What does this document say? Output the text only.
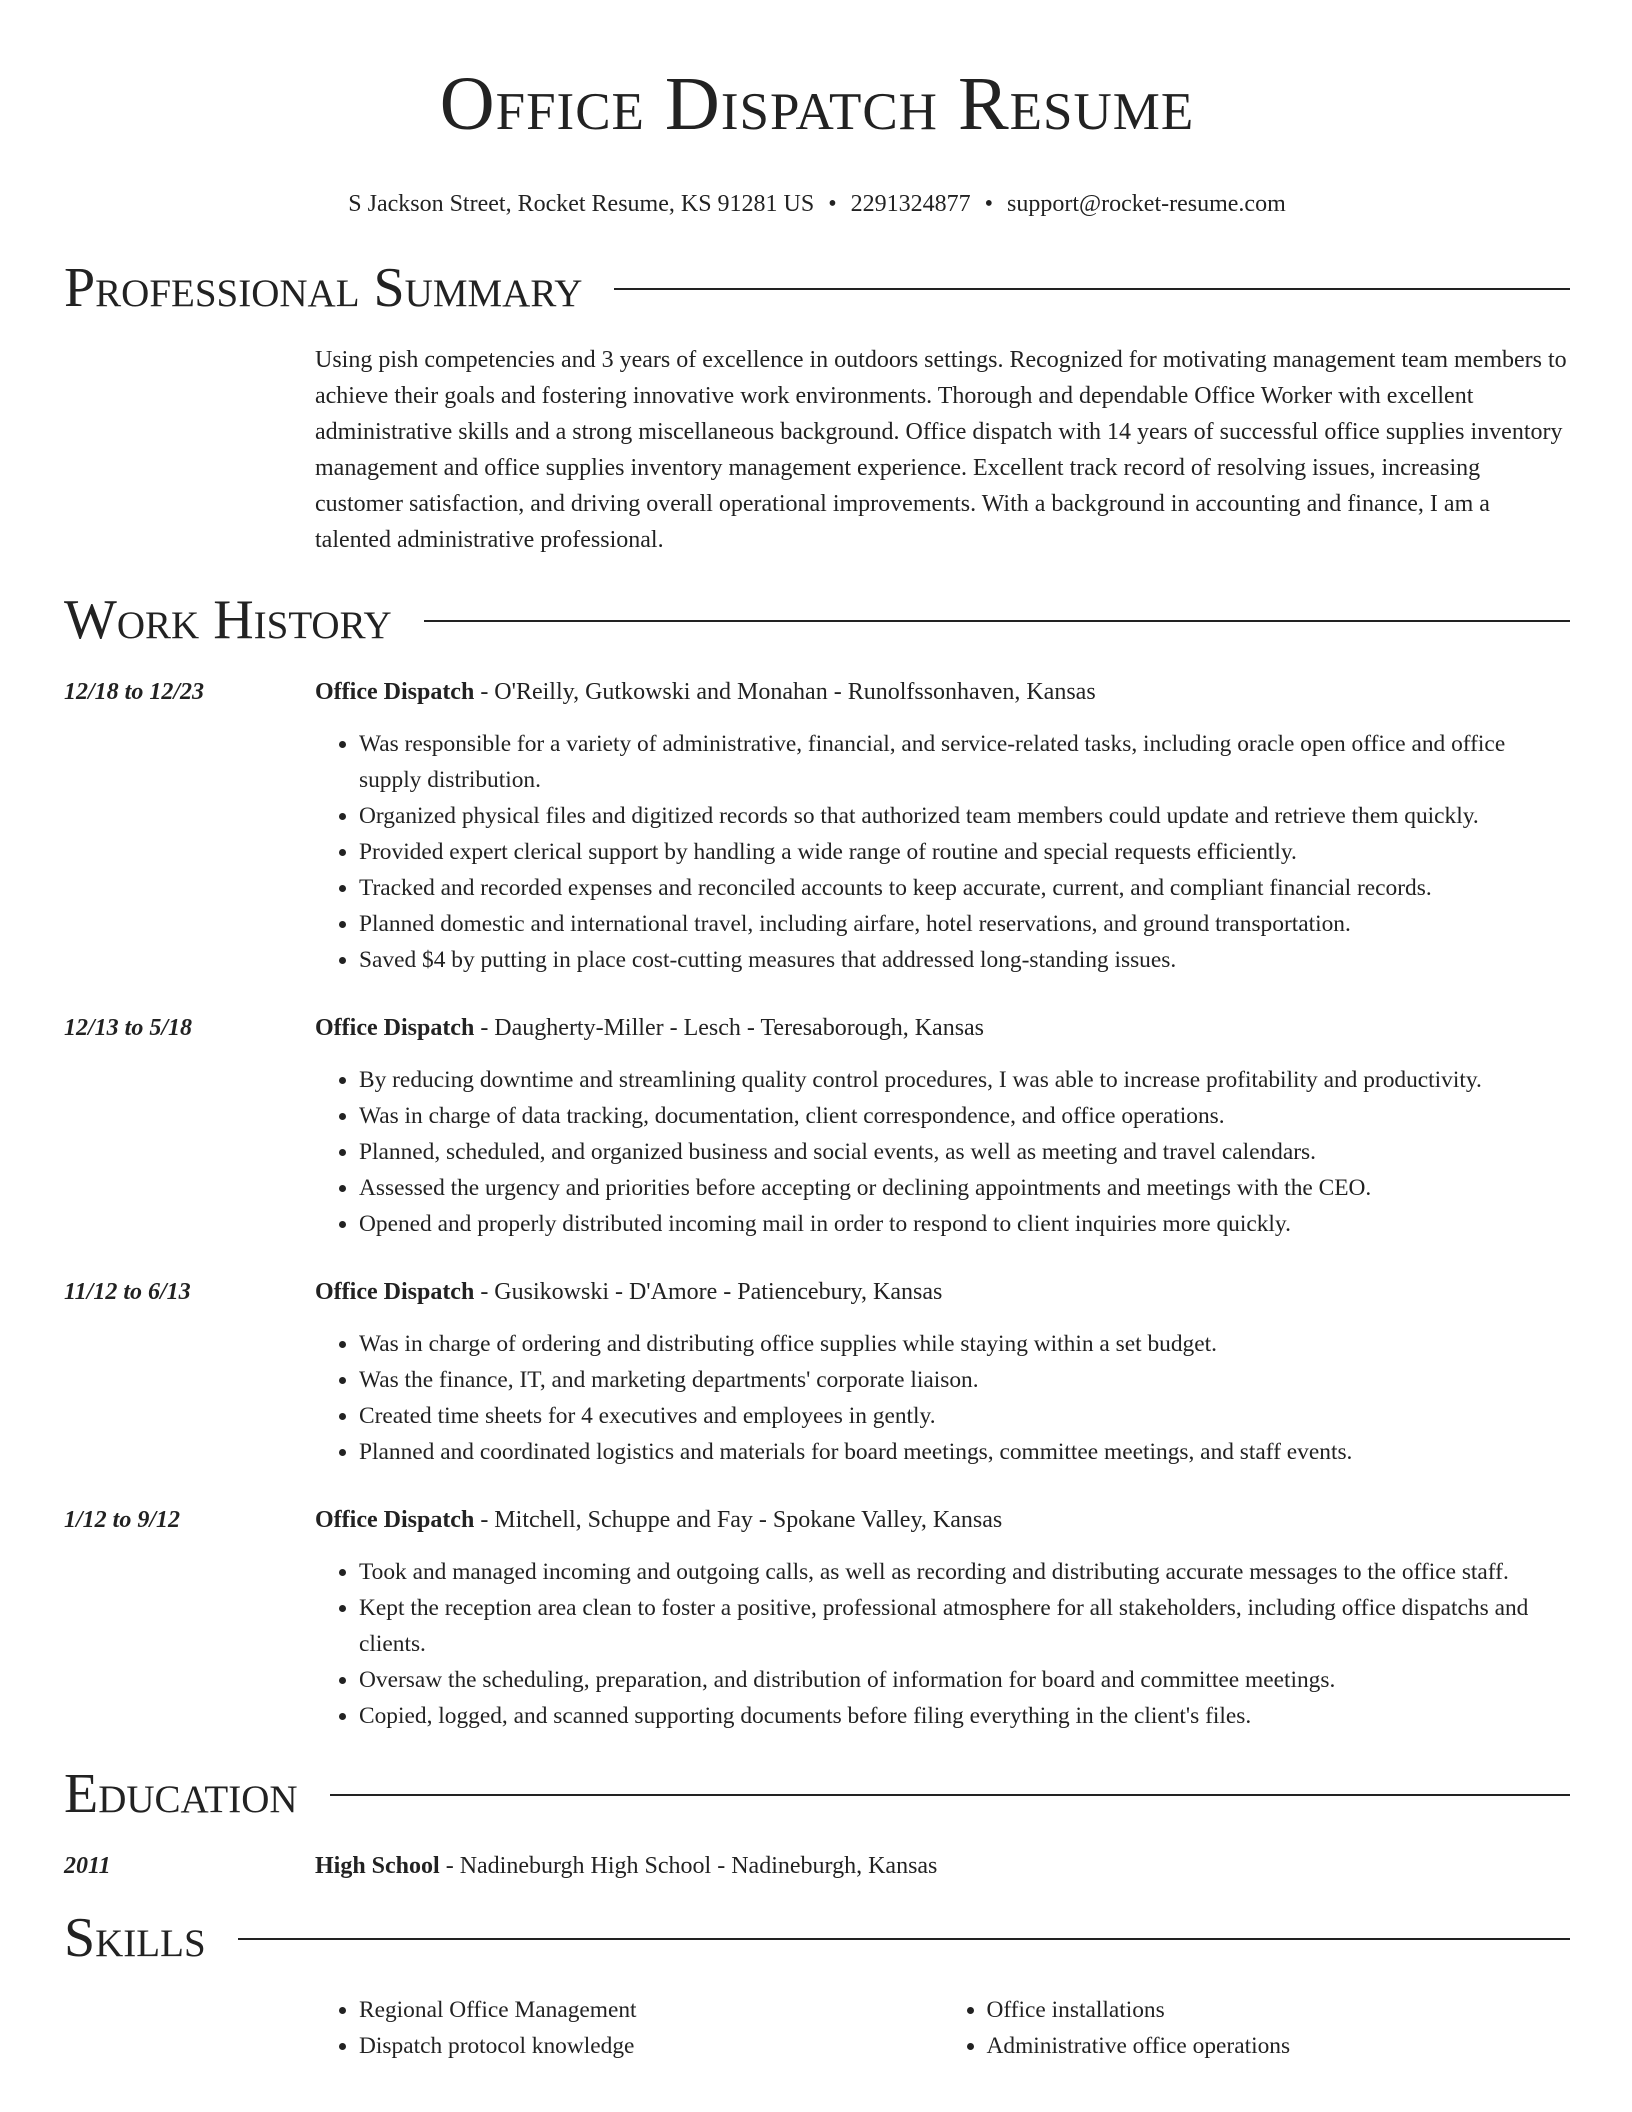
Office Dispatch Resume
S Jackson Street, Rocket Resume, KS 91281 US • 2291324877 • support@rocket-resume.com
Professional Summary
Using pish competencies and 3 years of excellence in outdoors settings. Recognized for motivating management team members to achieve their goals and fostering innovative work environments. Thorough and dependable Office Worker with excellent administrative skills and a strong miscellaneous background. Office dispatch with 14 years of successful office supplies inventory management and office supplies inventory management experience. Excellent track record of resolving issues, increasing customer satisfaction, and driving overall operational improvements. With a background in accounting and finance, I am a talented administrative professional.
Work History
12/18 to 12/23	Office Dispatch - O'Reilly, Gutkowski and Monahan - Runolfssonhaven, Kansas
• Was responsible for a variety of administrative, financial, and service-related tasks, including oracle open office and office supply distribution.
• Organized physical files and digitized records so that authorized team members could update and retrieve them quickly.
• Provided expert clerical support by handling a wide range of routine and special requests efficiently.
• Tracked and recorded expenses and reconciled accounts to keep accurate, current, and compliant financial records.
• Planned domestic and international travel, including airfare, hotel reservations, and ground transportation.
• Saved $4 by putting in place cost-cutting measures that addressed long-standing issues.
12/13 to 5/18	Office Dispatch - Daugherty-Miller - Lesch - Teresaborough, Kansas
• By reducing downtime and streamlining quality control procedures, I was able to increase profitability and productivity.
• Was in charge of data tracking, documentation, client correspondence, and office operations.
• Planned, scheduled, and organized business and social events, as well as meeting and travel calendars.
• Assessed the urgency and priorities before accepting or declining appointments and meetings with the CEO.
• Opened and properly distributed incoming mail in order to respond to client inquiries more quickly.
11/12 to 6/13	Office Dispatch - Gusikowski - D'Amore - Patiencebury, Kansas
• Was in charge of ordering and distributing office supplies while staying within a set budget.
• Was the finance, IT, and marketing departments' corporate liaison.
• Created time sheets for 4 executives and employees in gently.
• Planned and coordinated logistics and materials for board meetings, committee meetings, and staff events.
1/12 to 9/12	Office Dispatch - Mitchell, Schuppe and Fay - Spokane Valley, Kansas
• Took and managed incoming and outgoing calls, as well as recording and distributing accurate messages to the office staff.
• Kept the reception area clean to foster a positive, professional atmosphere for all stakeholders, including office dispatchs and clients.
• Oversaw the scheduling, preparation, and distribution of information for board and committee meetings.
• Copied, logged, and scanned supporting documents before filing everything in the client's files.
Education
2011	High School - Nadineburgh High School - Nadineburgh, Kansas
Skills
• Regional Office Management
• Dispatch protocol knowledge
• Office installations
• Administrative office operations
